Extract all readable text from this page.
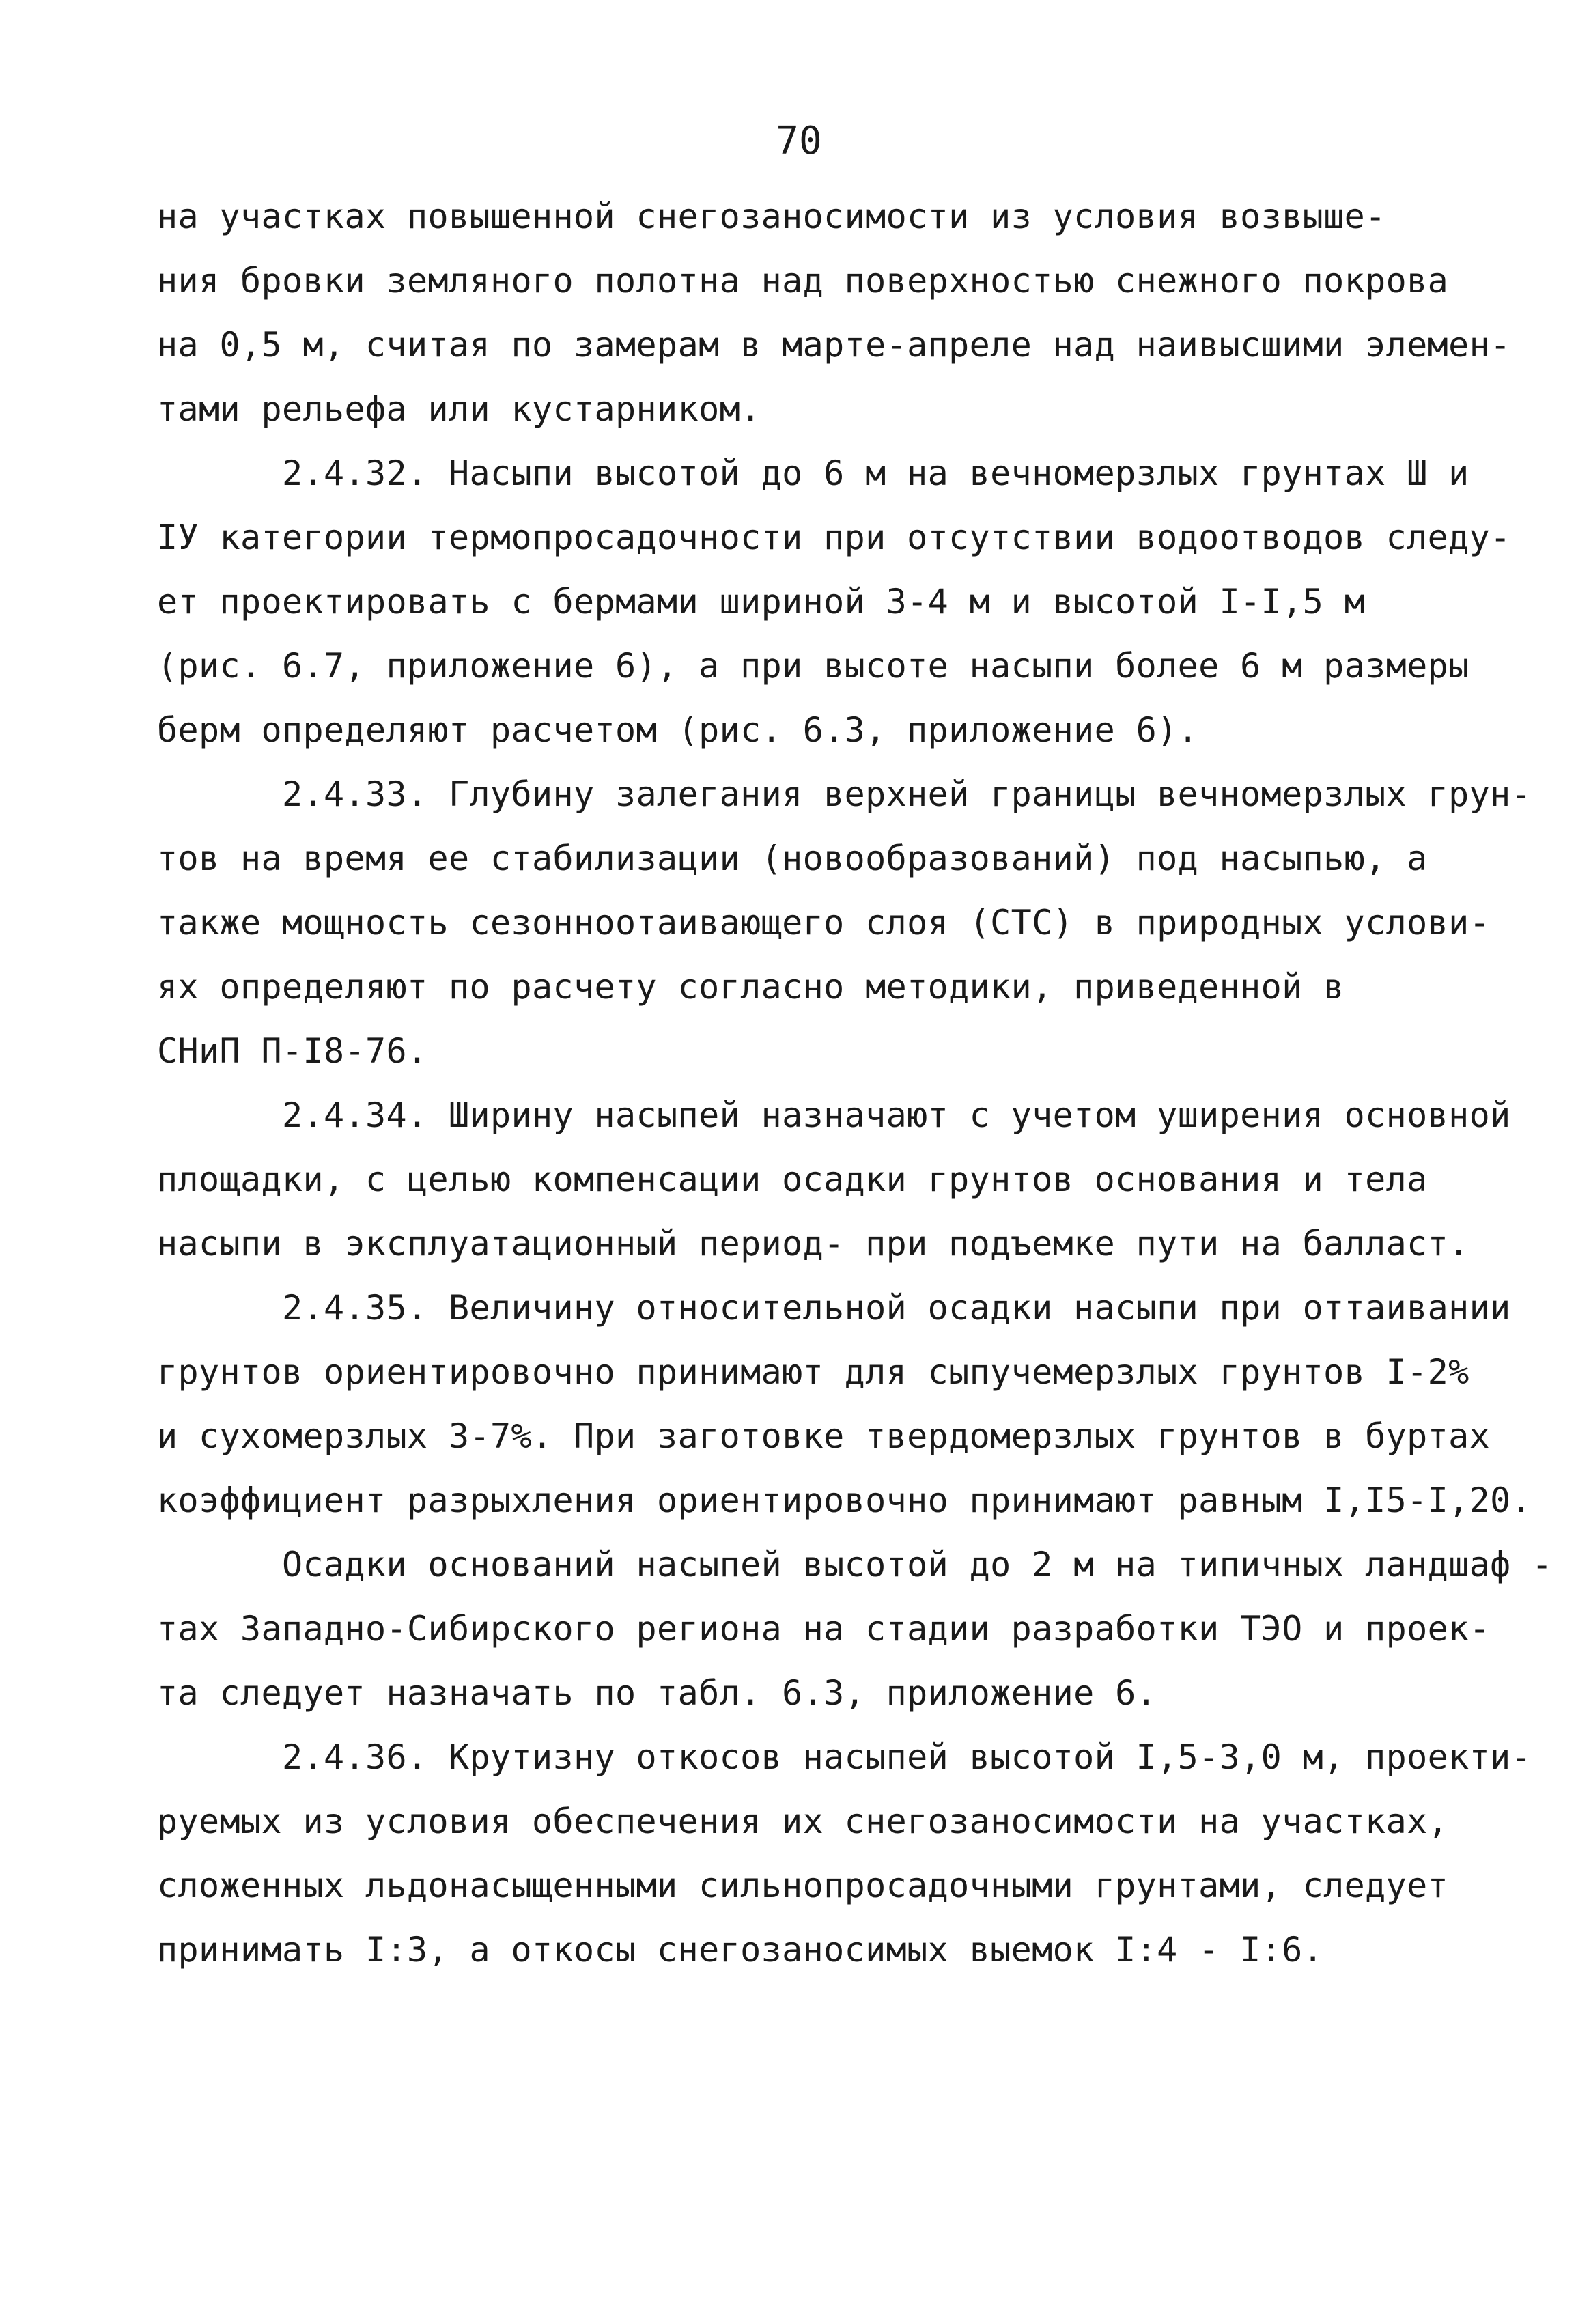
70
на участках повышенной снегозаносимости из условия возвыше-
ния бровки земляного полотна над поверхностью снежного покрова
на 0,5 м, считая по замерам в марте-апреле над наивысшими элемен-
тами рельефа или кустарником.
2.4.32. Насыпи высотой до 6 м на вечномерзлых грунтах Ш и
IУ категории термопросадочности при отсутствии водоотводов следу-
ет проектировать с бермами шириной 3-4 м и высотой I-I,5 м
(рис. 6.7, приложение 6), а при высоте насыпи более 6 м размеры
берм определяют расчетом (рис. 6.3, приложение 6).
2.4.33. Глубину залегания верхней границы вечномерзлых грун-
тов на время ее стабилизации (новообразований) под насыпью, а
также мощность сезонноотаивающего слоя (СТС) в природных услови-
ях определяют по расчету согласно методики, приведенной в
СНиП П-I8-76.
2.4.34. Ширину насыпей назначают с учетом уширения основной
площадки, с целью компенсации осадки грунтов основания и тела
насыпи в эксплуатационный период- при подъемке пути на балласт.
2.4.35. Величину относительной осадки насыпи при оттаивании
грунтов ориентировочно принимают для сыпучемерзлых грунтов I-2%
и сухомерзлых 3-7%. При заготовке твердомерзлых грунтов в буртах
коэффициент разрыхления ориентировочно принимают равным I,I5-I,20.
Осадки оснований насыпей высотой до 2 м на типичных ландшаф -
тах Западно-Сибирского региона на стадии разработки ТЭО и проек-
та следует назначать по табл. 6.3, приложение 6.
2.4.36. Крутизну откосов насыпей высотой I,5-3,0 м, проекти-
руемых из условия обеспечения их снегозаносимости на участках,
сложенных льдонасыщенными сильнопросадочными грунтами, следует
принимать I:3, а откосы снегозаносимых выемок I:4 - I:6.
